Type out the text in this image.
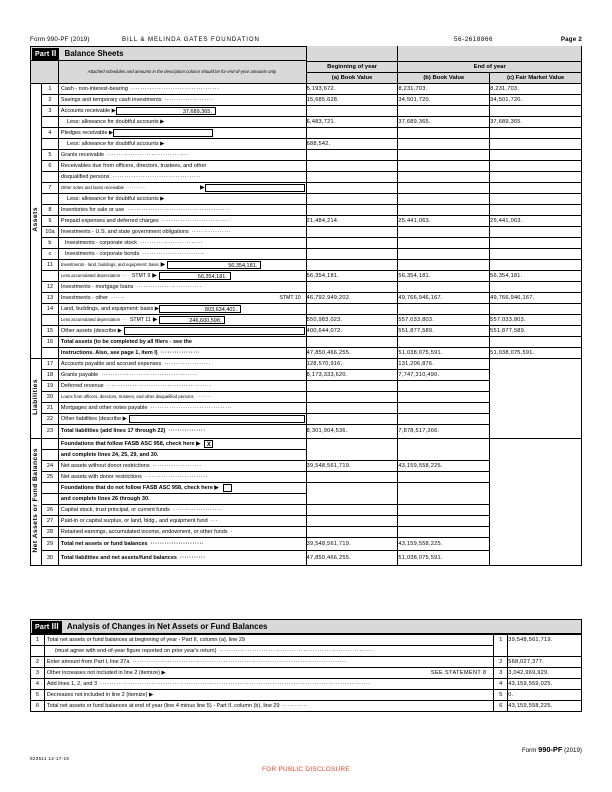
Form 990-PF (2019)	BILL & MELINDA GATES FOUNDATION	56-2618866	Page 2
Part II	Balance Sheets

		Attached schedules and amounts in the description column should be for end-of-year amounts only.	Beginning of year	End of year	
			(a) Book Value	(b) Book Value	(c) Fair Market Value
Assets	1	Cash - non-interest-bearing ······································	5,193,672.	8,231,703.	8,231,703.
	2	Savings and temporary cash investments ·····················	15,685,628.	34,501,720.	34,501,720.
	3	Accounts receivable ▶ 37,689,365.			

		Less: allowance for doubtful accounts ▶	6,483,721.	37,689,365.	37,689,365.
	4	Pledges receivable ▶			

		Less: allowance for doubtful accounts ▶	688,542.		
	5	Grants receivable ···································			

	6	Receivables due from officers, directors, trustees, and other			

		disqualified persons ······································			

	7	Other notes and loans receivable ·········· ▶			

		Less: allowance for doubtful accounts ▶			

	8	Inventories for sale or use ············································			

	9	Prepaid expenses and deferred charges ·····························	21,484,214.	25,441,063.	25,441,063.
	10a	Investments - U.S. and state government obligations ·················			

	b	Investments - corporate stock ···························			

	c	Investments - corporate bonds ···························			

	11	Investments - land, buildings, and equipment: basis ▶ 56,354,181.			

		Less accumulated depreciation ···· STMT 9 ▶ 56,354,181.	56,354,181.	56,354,181.	56,354,181.
	12	Investments - mortgage loans ····························			

	13	Investments - other ······ STMT 10	46,792,949,202.	49,766,946,167.	49,766,946,167.
	14	Land, buildings, and equipment: basis ▶ 803,634,401.			

		Less accumulated depreciation ··· STMT 11 ▶ 246,600,598.	550,983,023.	557,033,803.	557,033,803.
	15	Other assets (describe ▶	400,644,072.	551,877,589.	551,877,589.
	16	Total assets (to be completed by all filers - see the			

		instructions. Also, see page 1, item I) ·················	47,850,466,255.	51,038,075,591.	51,038,075,591.
Liabilities	17	Accounts payable and accrued expenses ····················	128,570,916.	131,206,876.	
	18	Grants payable ·········································	8,173,333,620.	7,747,310,490.	
	19	Deferred revenue ·············································			

	20	Loans from officers, directors, trustees, and other disqualified persons ········			

	21	Mortgages and other notes payable ···································			

	22	Other liabilities (describe ▶			

	23	Total liabilities (add lines 17 through 22) ················	8,301,904,536.	7,878,517,366.	
Net Assets or Fund Balances		Foundations that follow FASB ASC 958, check here ▶ X			

		and complete lines 24, 25, 29, and 30.			

	24	Net assets without donor restrictions ·····················	39,548,561,719.	43,159,558,225.	
	25	Net assets with donor restrictions ···························			

		Foundations that do not follow FASB ASC 958, check here ▶			

		and complete lines 26 through 30.			

	26	Capital stock, trust principal, or current funds ·····················			

	27	Paid-in or capital surplus, or land, bldg., and equipment fund ···			

	28	Retained earnings, accumulated income, endowment, or other funds ·			

	29	Total net assets or fund balances ·······················	39,548,561,719.	43,159,558,225.	
	30	Total liabilities and net assets/fund balances ···········	47,850,466,255.	51,038,075,591.	
Part III	Analysis of Changes in Net Assets or Fund Balances
1	Total net assets or fund balances at beginning of year - Part II, column (a), line 29	1	39,548,561,719.

	(must agree with end-of-year figure reported on prior year's return) ··································································		

2	Enter amount from Part I, line 27a ····························································································	2	568,027,377.
3	Other increases not included in line 2 (itemize) ▶ SEE STATEMENT 8	3	3,042,969,929.
4	Add lines 1, 2, and 3 ····················································································································	4	43,159,559,025.
5	Decreases not included in line 2 (itemize) ▶	5	0.
6	Total net assets or fund balances at end of year (line 4 minus line 5) - Part II, column (b), line 29 ···········	6	43,159,558,225.
Form 990-PF (2019)
923511 12-17-19
FOR PUBLIC DISCLOSURE
